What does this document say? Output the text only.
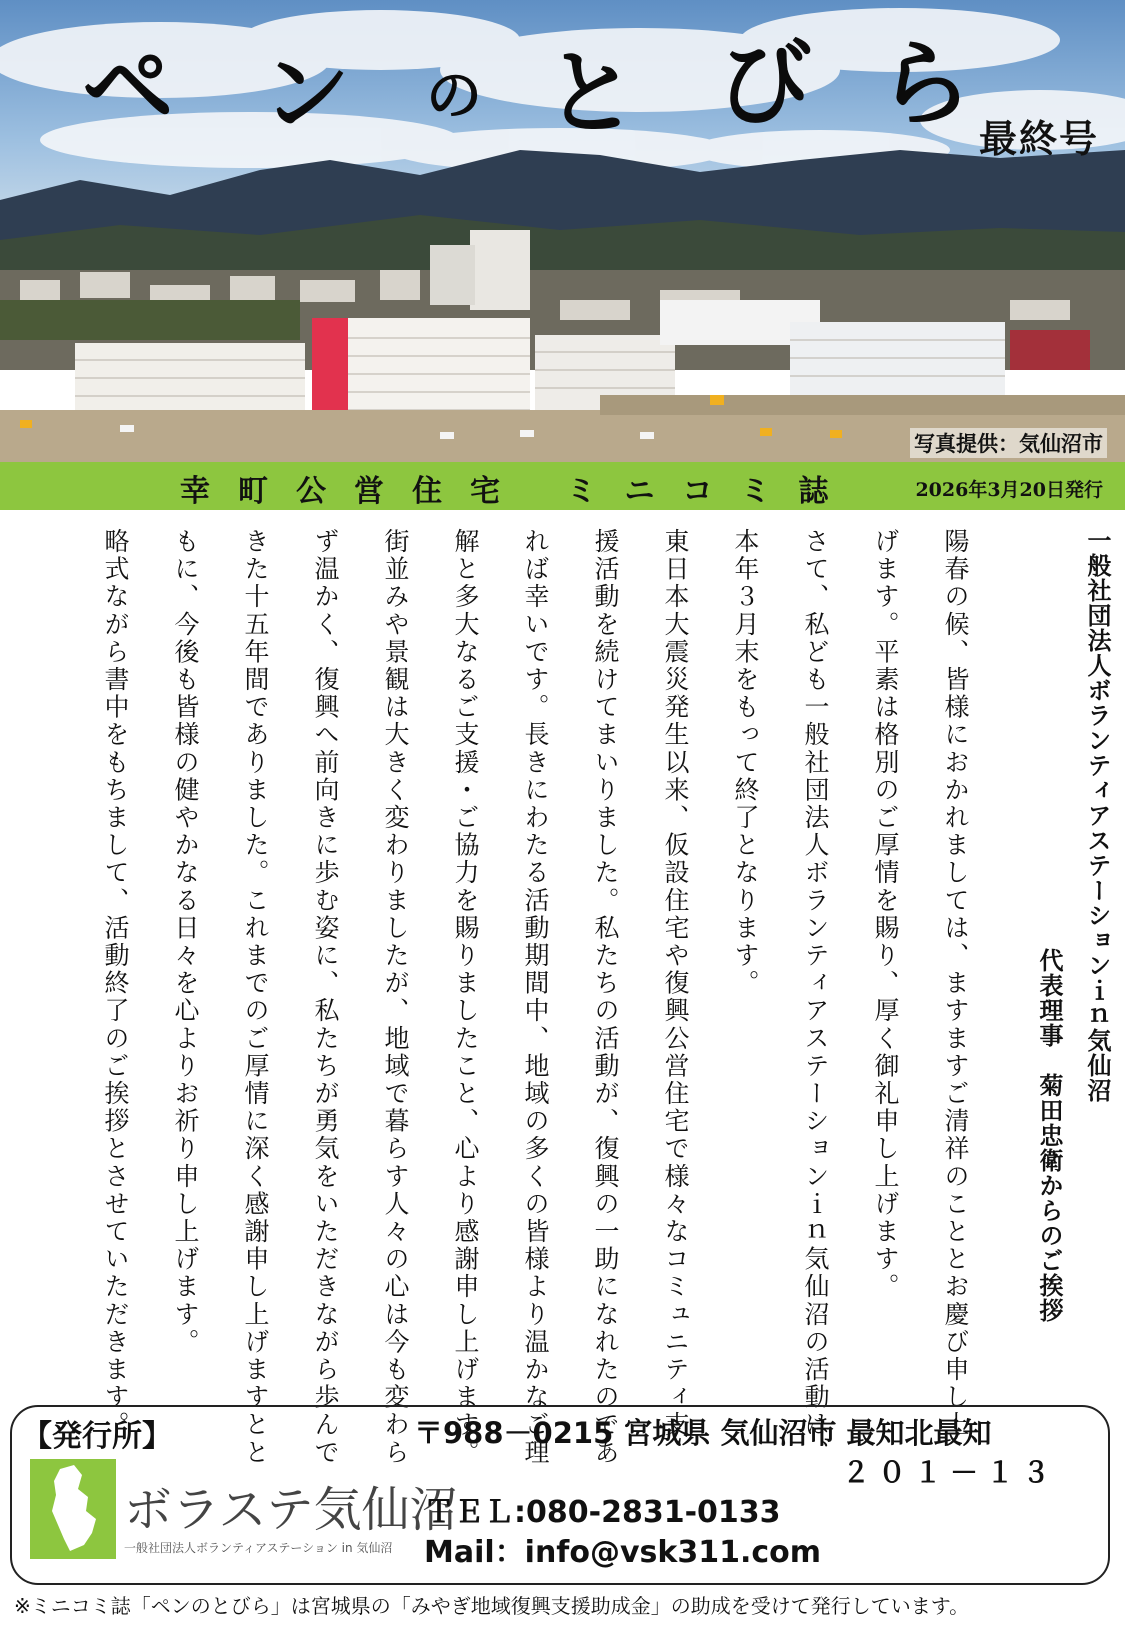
ペ ン の と び ら 最終号
写真提供：気仙沼市
幸町公営住宅 ミニコミ誌	2026年3月20日発行
一般社団法人ボランティアステーションｉｎ気仙沼
代表理事　菊田忠衛からのご挨拶
陽春の候、皆様におかれましては、ますますご清祥のこととお慶び申し上
げます。平素は格別のご厚情を賜り、厚く御礼申し上げます。
さて、私ども一般社団法人ボランティアステーションｉｎ気仙沼の活動は、
本年３月末をもって終了となります。
東日本大震災発生以来、仮設住宅や復興公営住宅で様々なコミュニティ支
援活動を続けてまいりました。私たちの活動が、復興の一助になれたのであ
れば幸いです。長きにわたる活動期間中、地域の多くの皆様より温かなご理
解と多大なるご支援・ご協力を賜りましたこと、心より感謝申し上げます。
街並みや景観は大きく変わりましたが、地域で暮らす人々の心は今も変わら
ず温かく、復興へ前向きに歩む姿に、私たちが勇気をいただきながら歩んで
きた十五年間でありました。これまでのご厚情に深く感謝申し上げますとと
もに、今後も皆様の健やかなる日々を心よりお祈り申し上げます。
略式ながら書中をもちまして、活動終了のご挨拶とさせていただきます。
【発行所】
ボラステ気仙沼
一般社団法人ボランティアステーション in 気仙沼
〒988－0215 宮城県 気仙沼市 最知北最知
２０１－１３
ＴＥＬ:080-2831-0133
Mail：info@vsk311.com
※ミニコミ誌「ペンのとびら」は宮城県の「みやぎ地域復興支援助成金」の助成を受けて発行しています。
